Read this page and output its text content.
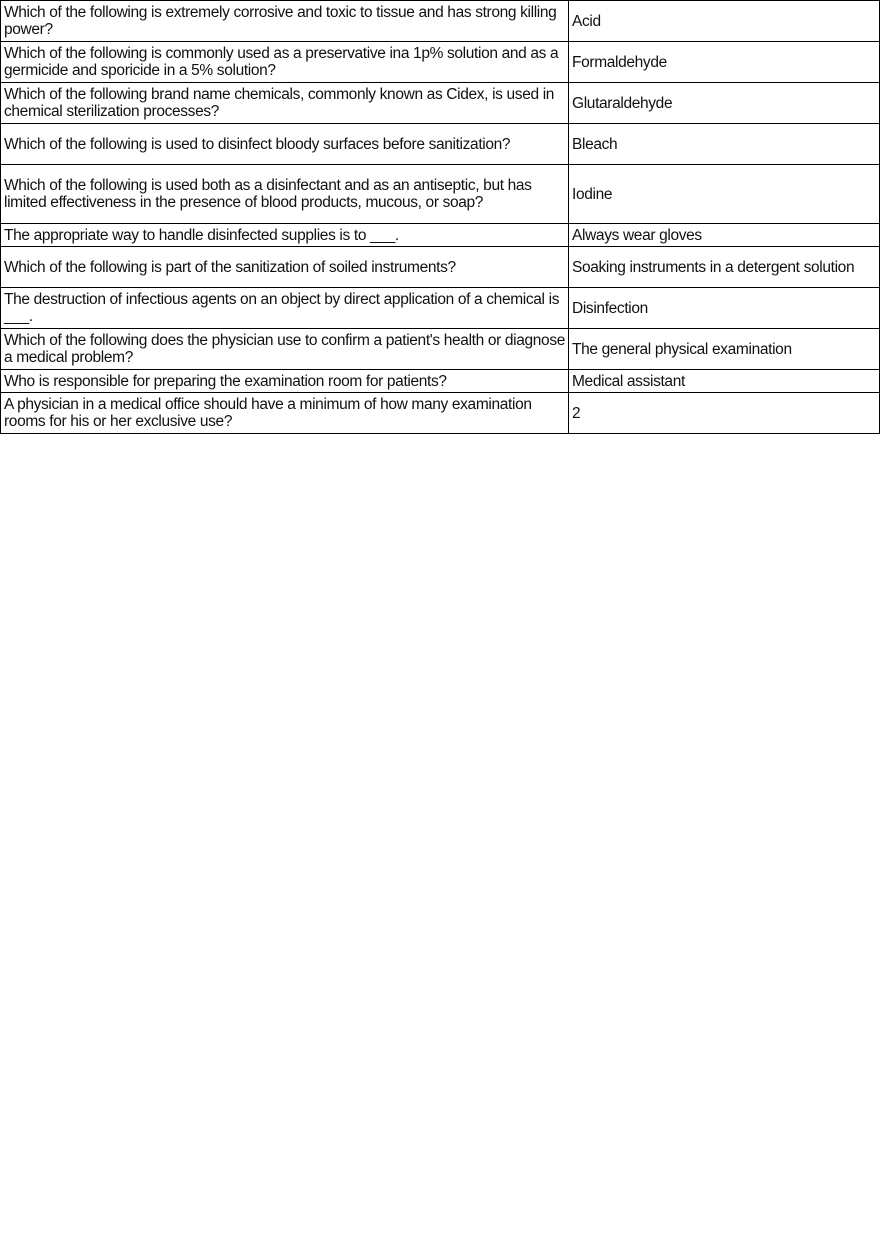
Which of the following is extremely corrosive and toxic to tissue and has strong killing power?	Acid
Which of the following is commonly used as a preservative ina 1p% solution and as a germicide and sporicide in a 5% solution?	Formaldehyde
Which of the following brand name chemicals, commonly known as Cidex, is used in chemical sterilization processes?	Glutaraldehyde
Which of the following is used to disinfect bloody surfaces before sanitization?	Bleach
Which of the following is used both as a disinfectant and as an antiseptic, but has limited effectiveness in the presence of blood products, mucous, or soap?	Iodine
The appropriate way to handle disinfected supplies is to ___.	Always wear gloves
Which of the following is part of the sanitization of soiled instruments?	Soaking instruments in a detergent solution
The destruction of infectious agents on an object by direct application of a chemical is ___.	Disinfection
Which of the following does the physician use to confirm a patient's health or diagnose a medical problem?	The general physical examination
Who is responsible for preparing the examination room for patients?	Medical assistant
A physician in a medical office should have a minimum of how many examination rooms for his or her exclusive use?	2
